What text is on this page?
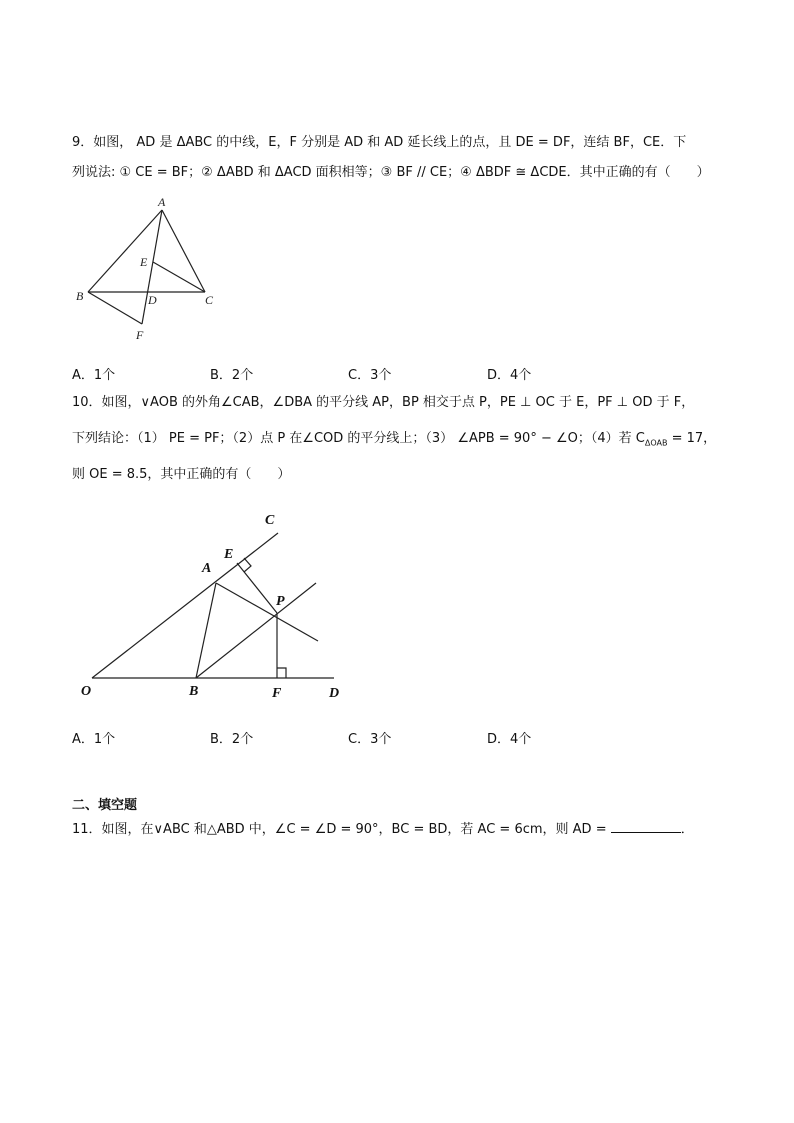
9．如图， AD 是 ΔABC 的中线，E，F 分别是 AD 和 AD 延长线上的点，且 DE = DF，连结 BF，CE．下
列说法: ① CE = BF；② ΔABD 和 ΔACD 面积相等；③ BF // CE；④ ΔBDF ≅ ΔCDE．其中正确的有（　　）
A
B	C
D
E
F
A．1个	B．2个	C．3个	D．4个
10．如图，∨AOB 的外角∠CAB，∠DBA 的平分线 AP，BP 相交于点 P，PE ⊥ OC 于 E，PF ⊥ OD 于 F，
下列结论：（1） PE = PF；（2）点 P 在∠COD 的平分线上；（3） ∠APB = 90° − ∠O；（4）若 $C_{\Delta OAB} = 17$，
则 OE = 8.5，其中正确的有（　　）
C
E
A
P
O	B	F	D
A．1个	B．2个	C．3个	D．4个
二、填空题
11．如图，在∨ABC 和△ABD 中，∠C = ∠D = 90°，BC = BD，若 AC = 6cm，则 AD =	．
